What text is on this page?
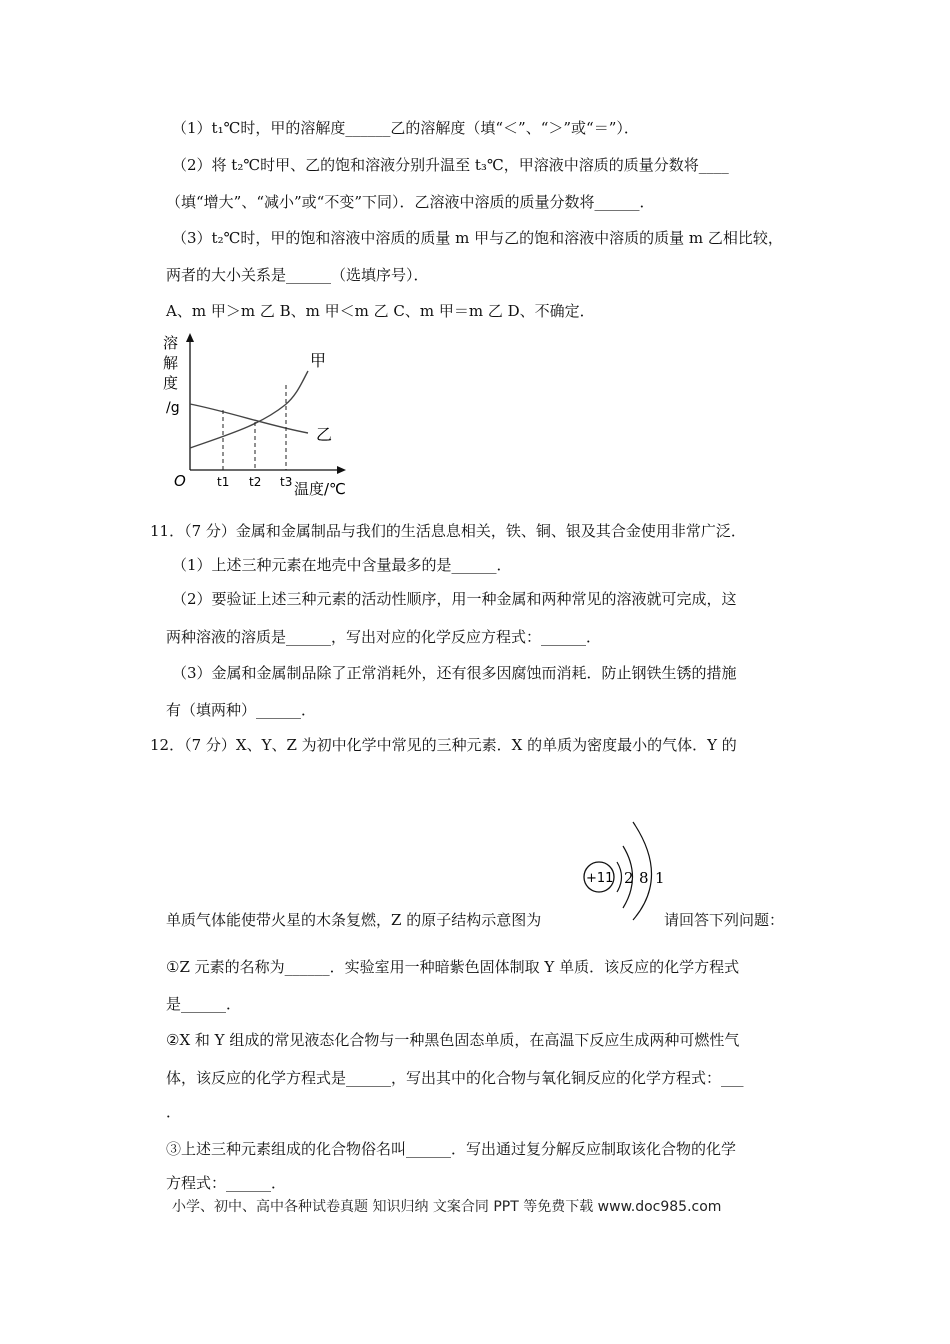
（1）t₁℃时，甲的溶解度______乙的溶解度（填“＜”、“＞”或“＝”）．
（2）将 t₂℃时甲、乙的饱和溶液分别升温至 t₃℃，甲溶液中溶质的质量分数将____
（填“增大”、“减小”或“不变”下同）．乙溶液中溶质的质量分数将______．
（3）t₂℃时，甲的饱和溶液中溶质的质量 m 甲与乙的饱和溶液中溶质的质量 m 乙相比较，
两者的大小关系是______（选填序号）．
A、m 甲＞m 乙 B、m 甲＜m 乙 C、m 甲＝m 乙 D、不确定．
溶
解
度
/g
甲
乙
O	t1 t2 t3 温度/℃
11．（7 分）金属和金属制品与我们的生活息息相关，铁、铜、银及其合金使用非常广泛．
（1）上述三种元素在地壳中含量最多的是______．
（2）要验证上述三种元素的活动性顺序，用一种金属和两种常见的溶液就可完成，这
两种溶液的溶质是______，写出对应的化学反应方程式：______．
（3）金属和金属制品除了正常消耗外，还有很多因腐蚀而消耗．防止钢铁生锈的措施
有（填两种）______．
12．（7 分）X、Y、Z 为初中化学中常见的三种元素．X 的单质为密度最小的气体．Y 的
单质气体能使带火星的木条复燃，Z 的原子结构示意图为
+11 2 8 1
请回答下列问题：
①Z 元素的名称为______．实验室用一种暗紫色固体制取 Y 单质．该反应的化学方程式
是______．
②X 和 Y 组成的常见液态化合物与一种黑色固态单质，在高温下反应生成两种可燃性气
体，该反应的化学方程式是______，写出其中的化合物与氧化铜反应的化学方程式：___
．
③上述三种元素组成的化合物俗名叫______．写出通过复分解反应制取该化合物的化学
方程式：______．
小学、初中、高中各种试卷真题 知识归纳 文案合同 PPT 等免费下载 www.doc985.com
